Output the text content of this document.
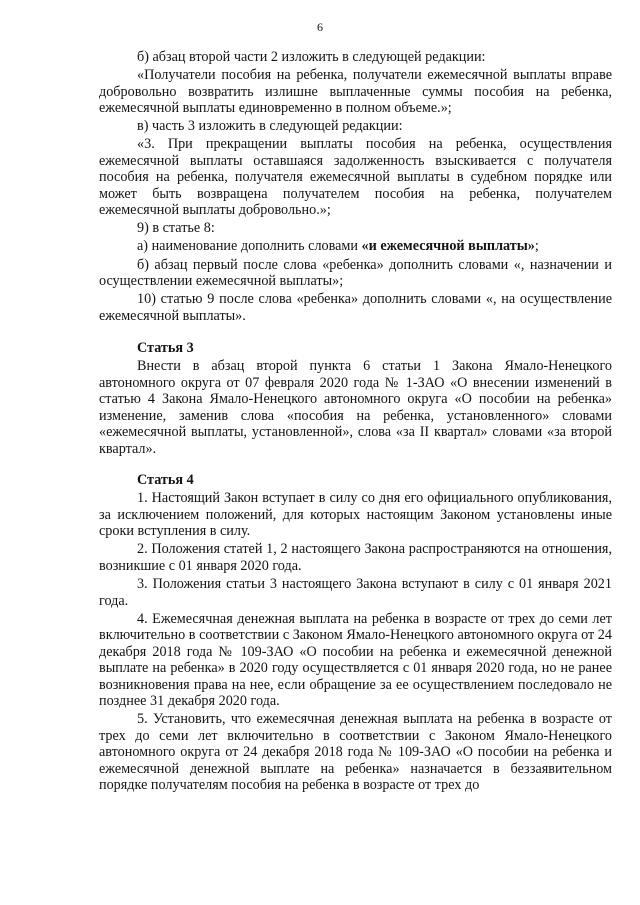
6

б) абзац второй части 2 изложить в следующей редакции:

«Получатели пособия на ребенка, получатели ежемесячной выплаты вправе добровольно возвратить излишне выплаченные суммы пособия на ребенка, ежемесячной выплаты единовременно в полном объеме.»;

в) часть 3 изложить в следующей редакции:

«3. При прекращении выплаты пособия на ребенка, осуществления ежемесячной выплаты оставшаяся задолженность взыскивается с получателя пособия на ребенка, получателя ежемесячной выплаты в судебном порядке или может быть возвращена получателем пособия на ребенка, получателем ежемесячной выплаты добровольно.»;

9) в статье 8:

а) наименование дополнить словами «и ежемесячной выплаты»;

б) абзац первый после слова «ребенка» дополнить словами «, назначении и осуществлении ежемесячной выплаты»;

10) статью 9 после слова «ребенка» дополнить словами «, на осуществление ежемесячной выплаты».

Статья 3

Внести в абзац второй пункта 6 статьи 1 Закона Ямало-Ненецкого автономного округа от 07 февраля 2020 года № 1-ЗАО «О внесении изменений в статью 4 Закона Ямало-Ненецкого автономного округа «О пособии на ребенка» изменение, заменив слова «пособия на ребенка, установленного» словами «ежемесячной выплаты, установленной», слова «за II квартал» словами «за второй квартал».

Статья 4

1. Настоящий Закон вступает в силу со дня его официального опубликования, за исключением положений, для которых настоящим Законом установлены иные сроки вступления в силу.

2. Положения статей 1, 2 настоящего Закона распространяются на отношения, возникшие с 01 января 2020 года.

3. Положения статьи 3 настоящего Закона вступают в силу с 01 января 2021 года.

4. Ежемесячная денежная выплата на ребенка в возрасте от трех до семи лет включительно в соответствии с Законом Ямало-Ненецкого автономного округа от 24 декабря 2018 года № 109-ЗАО «О пособии на ребенка и ежемесячной денежной выплате на ребенка» в 2020 году осуществляется с 01 января 2020 года, но не ранее возникновения права на нее, если обращение за ее осуществлением последовало не позднее 31 декабря 2020 года.

5. Установить, что ежемесячная денежная выплата на ребенка в возрасте от трех до семи лет включительно в соответствии с Законом Ямало-Ненецкого автономного округа от 24 декабря 2018 года № 109-ЗАО «О пособии на ребенка и ежемесячной денежной выплате на ребенка» назначается в беззаявительном порядке получателям пособия на ребенка в возрасте от трех до
